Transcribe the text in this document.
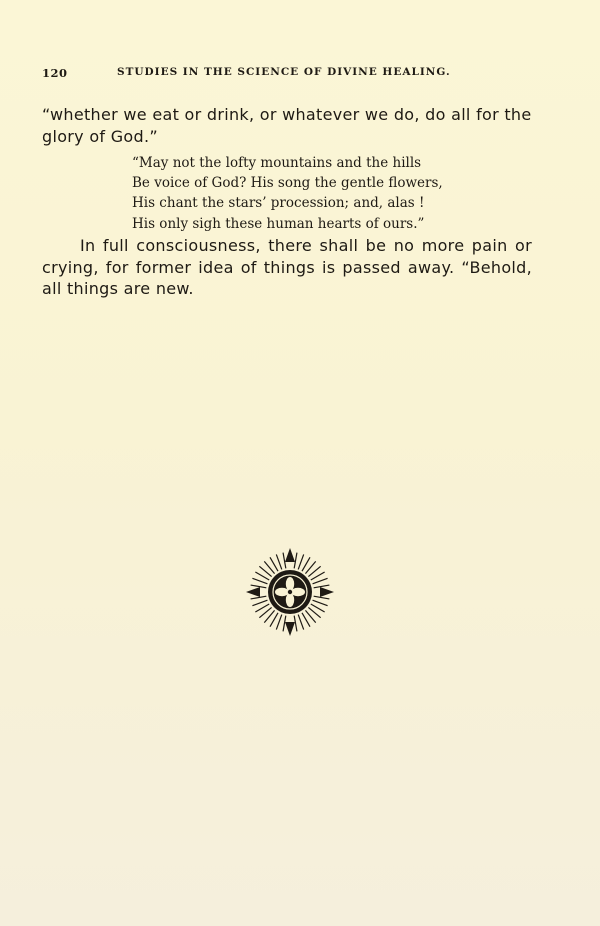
120	STUDIES IN THE SCIENCE OF DIVINE HEALING.

“whether we eat or drink, or whatever we do, do all for the glory of God.”

“May not the lofty mountains and the hills
Be voice of God? His song the gentle flowers,
His chant the stars’ procession; and, alas !
His only sigh these human hearts of ours.”

In full consciousness, there shall be no more pain or crying, for former idea of things is passed away. “Behold, all things are new.
